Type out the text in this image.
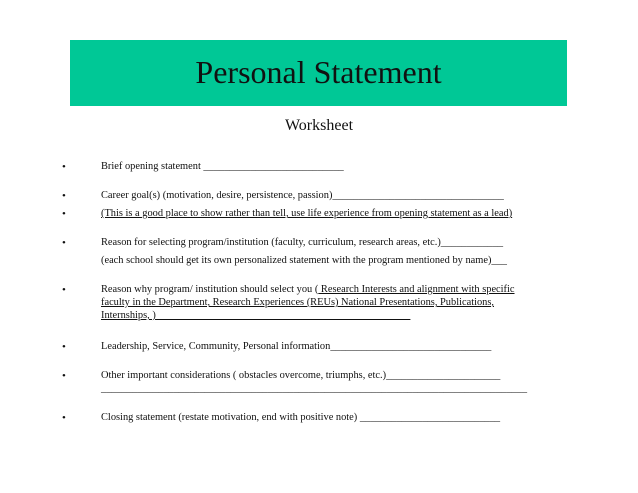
Personal Statement
Worksheet
•	Brief opening statement ___________________________
•	Career goal(s) (motivation, desire, persistence, passion)_________________________________
•	(This is a good place to show rather than tell, use life experience from opening statement as a lead)
•	Reason for selecting program/institution (faculty, curriculum, research areas, etc.)____________
(each school should get its own personalized statement with the program mentioned by name)___
•	Reason why program/ institution should select you ( Research Interests and alignment with specific
faculty in the Department, Research Experiences (REUs) National Presentations, Publications,
Internships, )
•	Leadership, Service, Community, Personal information_______________________________
•	Other important considerations ( obstacles overcome, triumphs, etc.)______________________
__________________________________________________________________________________
•	Closing statement (restate motivation, end with positive note) ___________________________
